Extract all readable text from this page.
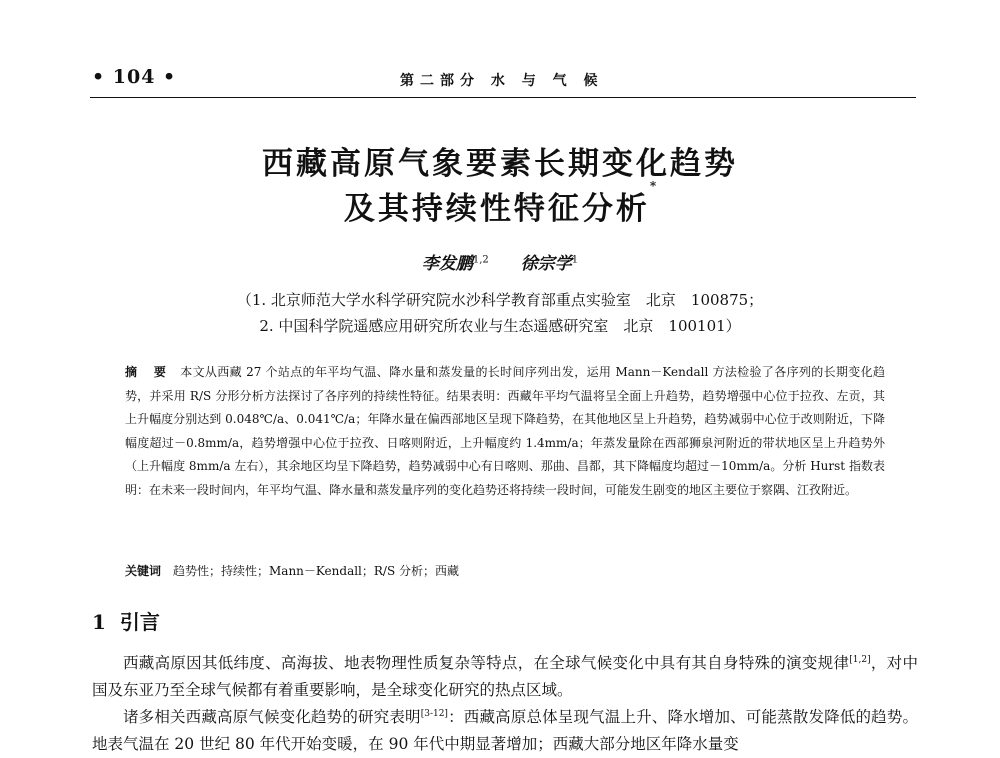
• 104 •	第二部分 水 与 气 候
西藏高原气象要素长期变化趋势
及其持续性特征分析*
李发鹏$^{1,2}$ 徐宗学$^1$
（1. 北京师范大学水科学研究院水沙科学教育部重点实验室　北京　100875；
2. 中国科学院遥感应用研究所农业与生态遥感研究室　北京　100101）
摘 要 本文从西藏 27 个站点的年平均气温、降水量和蒸发量的长时间序列出发，运用 Mann－Kendall 方法检验了各序列的长期变化趋势，并采用 R/S 分形分析方法探讨了各序列的持续性特征。结果表明：西藏年平均气温将呈全面上升趋势，趋势增强中心位于拉孜、左贡，其上升幅度分别达到 0.048℃/a、0.041℃/a；年降水量在偏西部地区呈现下降趋势，在其他地区呈上升趋势，趋势减弱中心位于改则附近，下降幅度超过－0.8mm/a，趋势增强中心位于拉孜、日喀则附近，上升幅度约 1.4mm/a；年蒸发量除在西部狮泉河附近的带状地区呈上升趋势外（上升幅度 8mm/a 左右），其余地区均呈下降趋势，趋势减弱中心有日喀则、那曲、昌都，其下降幅度均超过－10mm/a。分析 Hurst 指数表明：在未来一段时间内，年平均气温、降水量和蒸发量序列的变化趋势还将持续一段时间，可能发生剧变的地区主要位于察隅、江孜附近。
关键词 趋势性；持续性；Mann－Kendall；R/S 分析；西藏
1 引言
西藏高原因其低纬度、高海拔、地表物理性质复杂等特点，在全球气候变化中具有其自身特殊的演变规律[1,2]，对中国及东亚乃至全球气候都有着重要影响，是全球变化研究的热点区域。
诸多相关西藏高原气候变化趋势的研究表明[3-12]：西藏高原总体呈现气温上升、降水增加、可能蒸散发降低的趋势。地表气温在 20 世纪 80 年代开始变暖，在 90 年代中期显著增加；西藏大部分地区年降水量变
